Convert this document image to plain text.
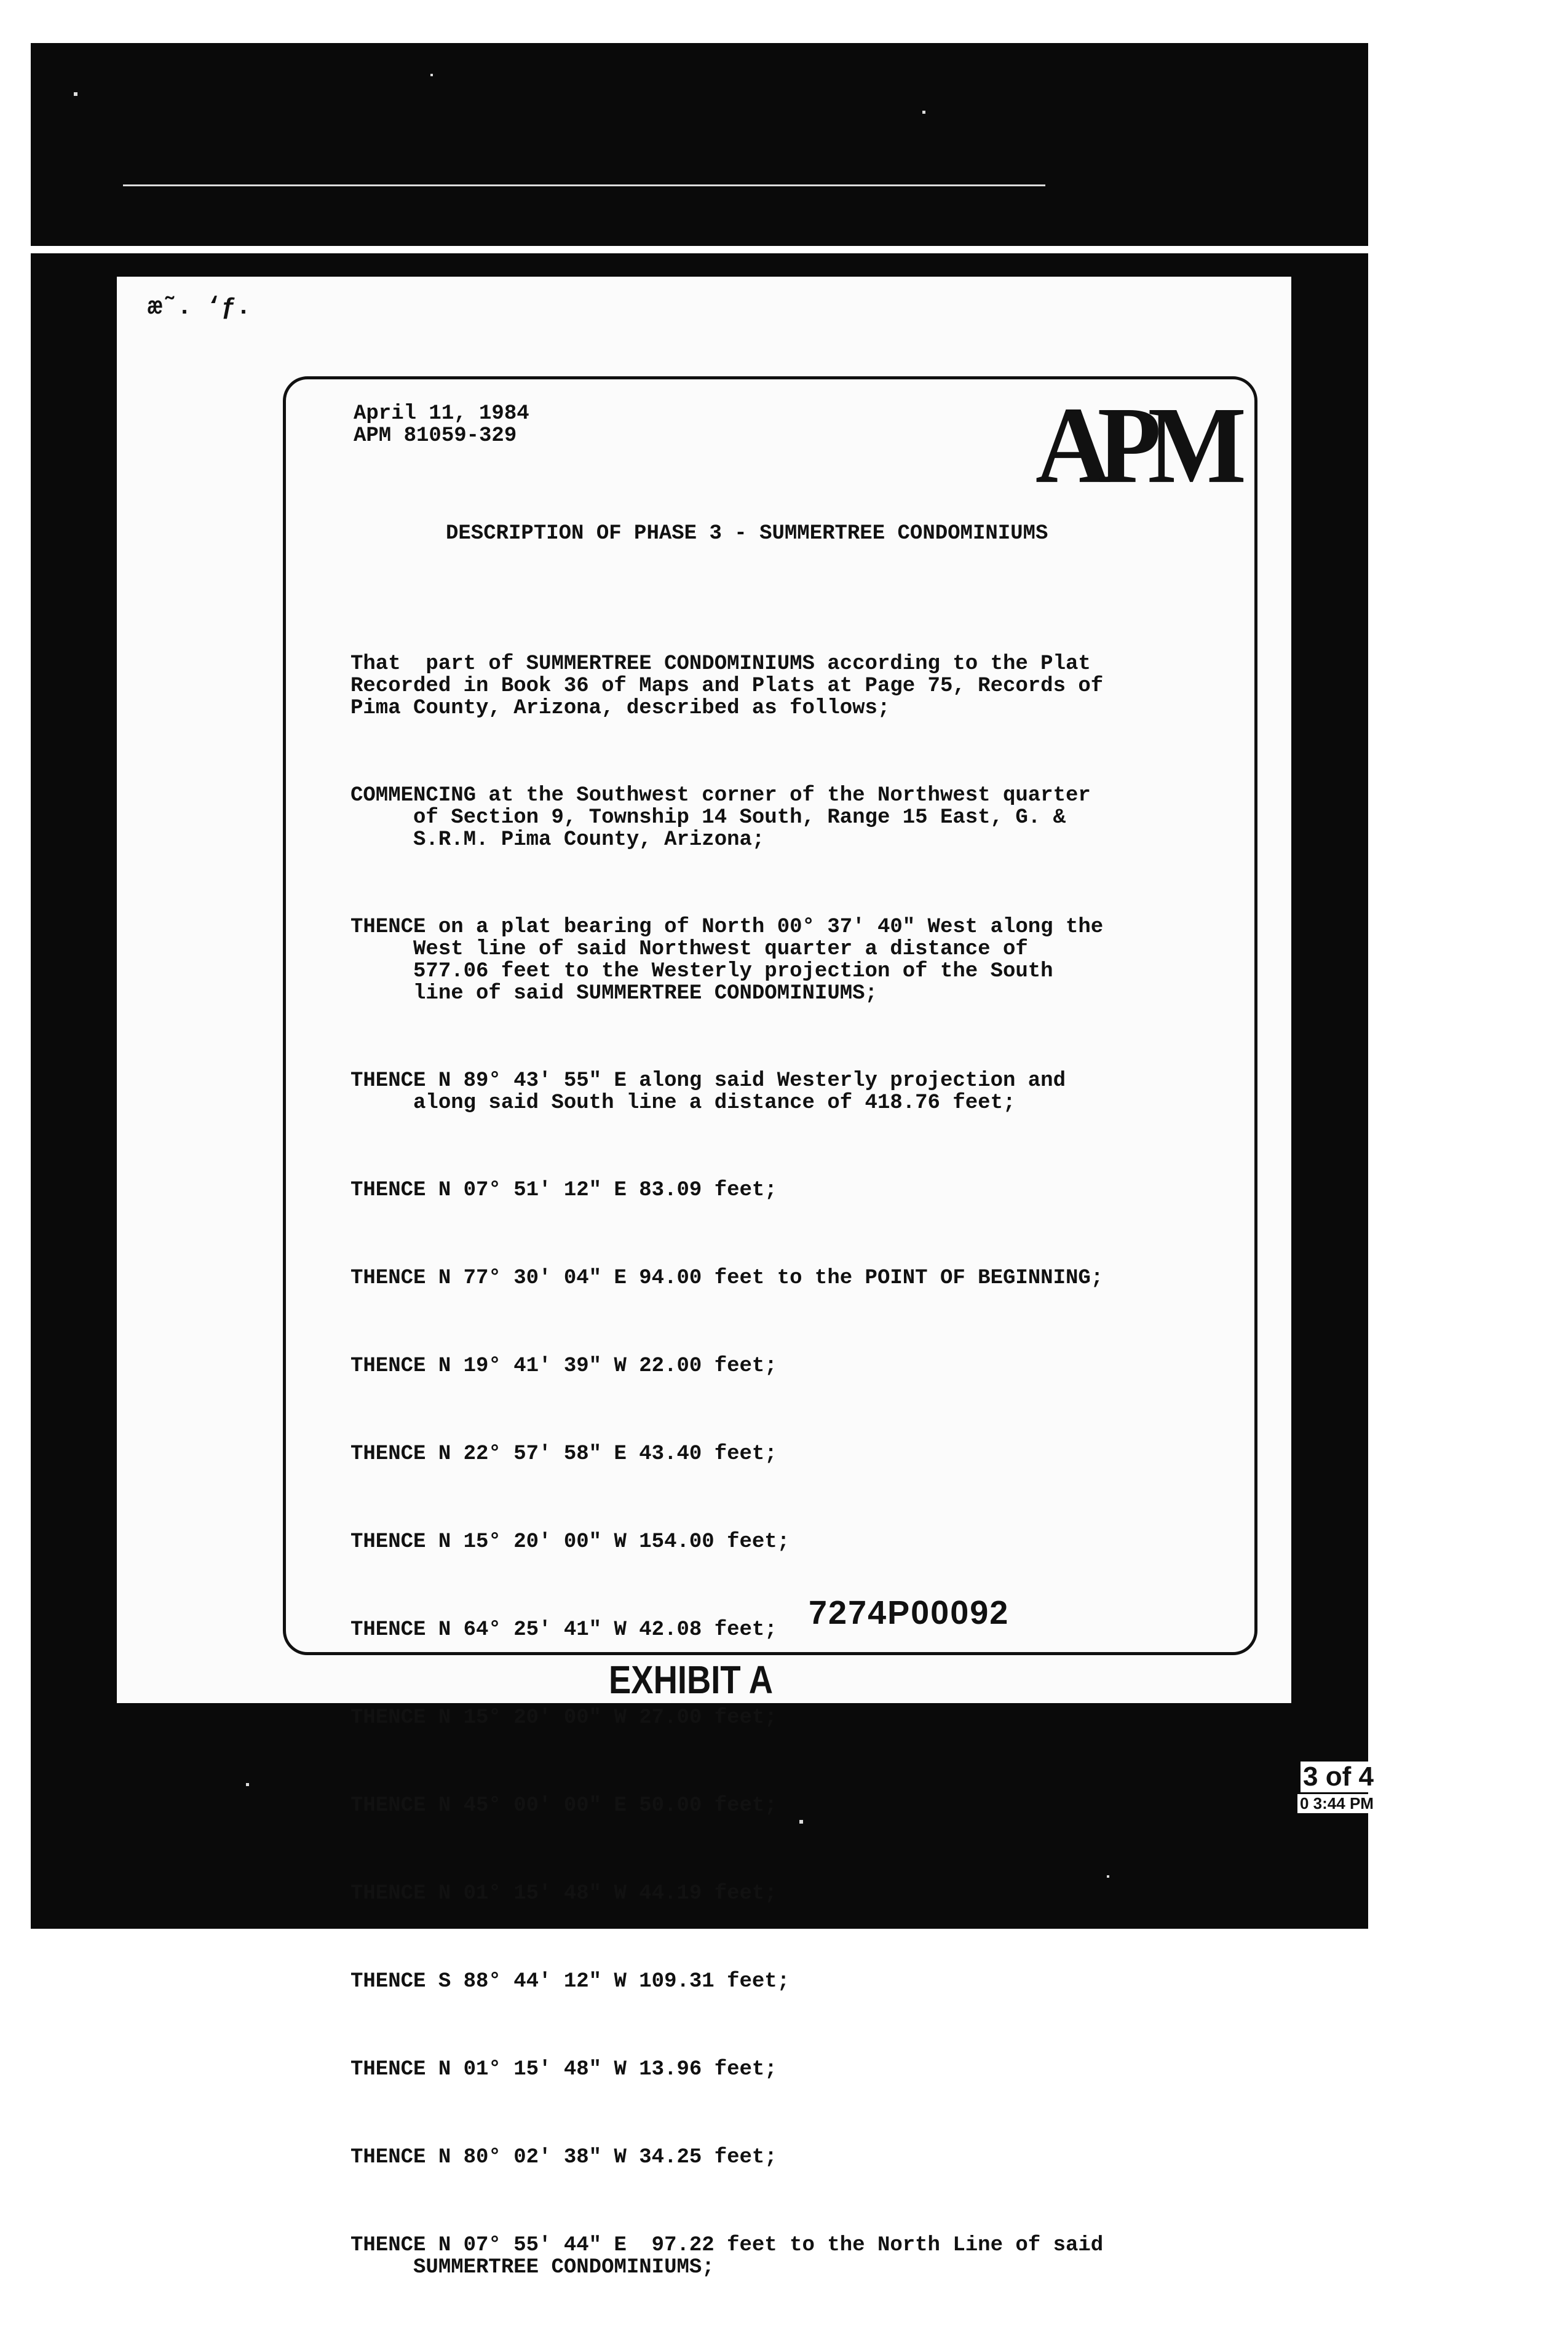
æ˜. ‘ƒ.
April 11, 1984
APM 81059-329	APM
DESCRIPTION OF PHASE 3 - SUMMERTREE CONDOMINIUMS

That  part of SUMMERTREE CONDOMINIUMS according to the Plat
Recorded in Book 36 of Maps and Plats at Page 75, Records of
Pima County, Arizona, described as follows;

COMMENCING at the Southwest corner of the Northwest quarter
of Section 9, Township 14 South, Range 15 East, G. &
S.R.M. Pima County, Arizona;

THENCE on a plat bearing of North 00° 37' 40" West along the
West line of said Northwest quarter a distance of
577.06 feet to the Westerly projection of the South
line of said SUMMERTREE CONDOMINIUMS;

THENCE N 89° 43' 55" E along said Westerly projection and
along said South line a distance of 418.76 feet;

THENCE N 07° 51' 12" E 83.09 feet;

THENCE N 77° 30' 04" E 94.00 feet to the POINT OF BEGINNING;

THENCE N 19° 41' 39" W 22.00 feet;

THENCE N 22° 57' 58" E 43.40 feet;

THENCE N 15° 20' 00" W 154.00 feet;

THENCE N 64° 25' 41" W 42.08 feet;

THENCE N 15° 20' 00" W 27.00 feet;

THENCE N 45° 00' 00" E 50.00 feet;

THENCE N 01° 15' 48" W 44.19 feet;

THENCE S 88° 44' 12" W 109.31 feet;

THENCE N 01° 15' 48" W 13.96 feet;

THENCE N 80° 02' 38" W 34.25 feet;

THENCE N 07° 55' 44" E  97.22 feet to the North Line of said
SUMMERTREE CONDOMINIUMS;

7274P00092
EXHIBIT A
3 of 4
0 3:44 PM
